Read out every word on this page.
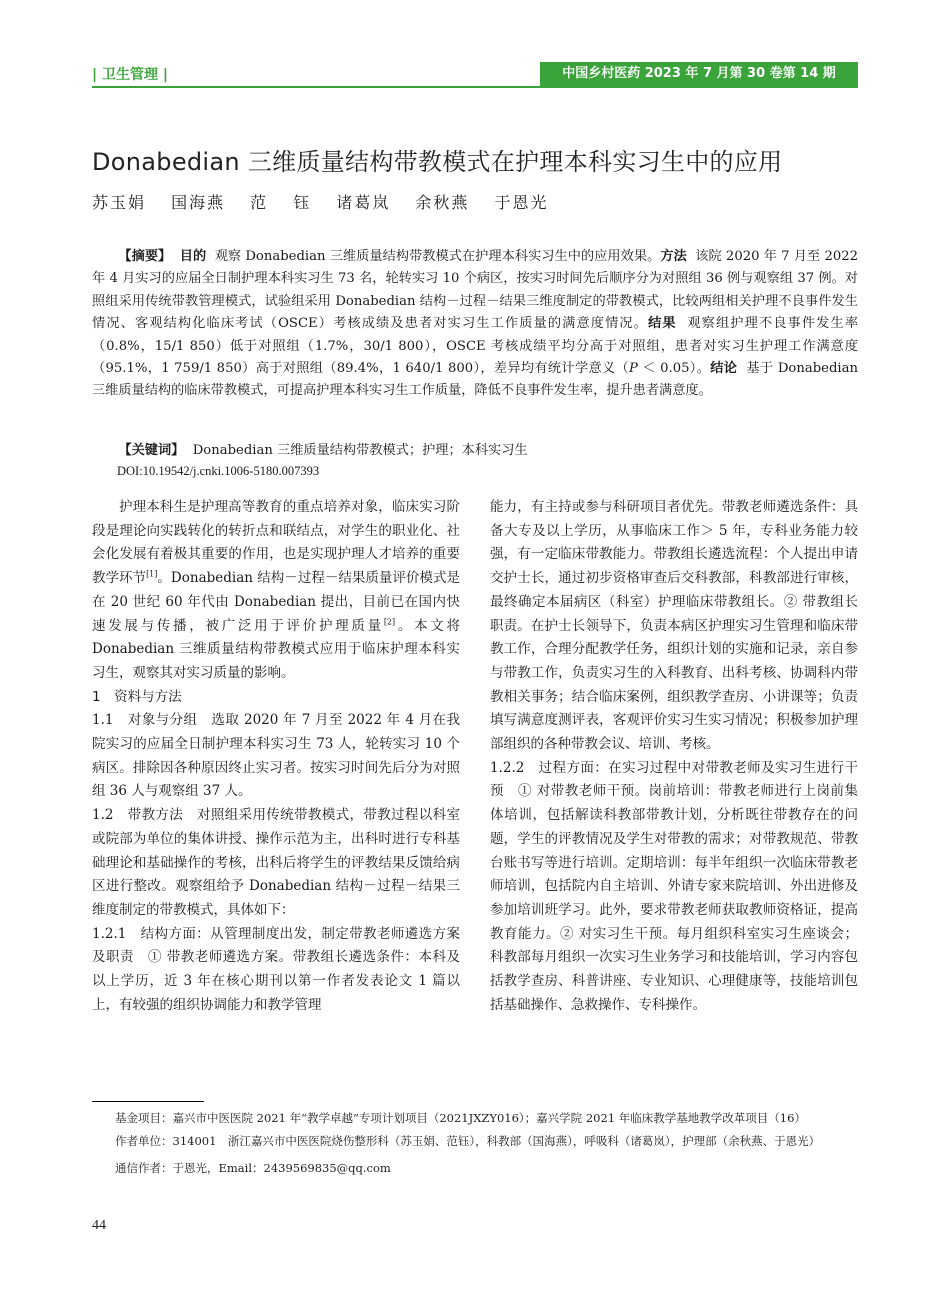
| 卫生管理 |	中国乡村医药 2023 年 7 月第 30 卷第 14 期
Donabedian 三维质量结构带教模式在护理本科实习生中的应用
苏玉娟 国海燕 范 钰 诸葛岚 余秋燕 于恩光

【摘要】 目的 观察 Donabedian 三维质量结构带教模式在护理本科实习生中的应用效果。方法 该院 2020 年 7 月至 2022 年 4 月实习的应届全日制护理本科实习生 73 名，轮转实习 10 个病区，按实习时间先后顺序分为对照组 36 例与观察组 37 例。对照组采用传统带教管理模式，试验组采用 Donabedian 结构－过程－结果三维度制定的带教模式，比较两组相关护理不良事件发生情况、客观结构化临床考试（OSCE）考核成绩及患者对实习生工作质量的满意度情况。结果 观察组护理不良事件发生率（0.8%，15/1 850）低于对照组（1.7%，30/1 800），OSCE 考核成绩平均分高于对照组，患者对实习生护理工作满意度（95.1%，1 759/1 850）高于对照组（89.4%，1 640/1 800），差异均有统计学意义（P ＜ 0.05）。结论 基于 Donabedian 三维质量结构的临床带教模式，可提高护理本科实习生工作质量，降低不良事件发生率，提升患者满意度。

【关键词】 Donabedian 三维质量结构带教模式；护理；本科实习生

DOI:10.19542/j.cnki.1006-5180.007393

护理本科生是护理高等教育的重点培养对象，临床实习阶段是理论向实践转化的转折点和联结点，对学生的职业化、社会化发展有着极其重要的作用，也是实现护理人才培养的重要教学环节[1]。Donabedian 结构－过程－结果质量评价模式是在 20 世纪 60 年代由 Donabedian 提出，目前已在国内快速发展与传播，被广泛用于评价护理质量[2]。本文将 Donabedian 三维质量结构带教模式应用于临床护理本科实习生，观察其对实习质量的影响。

1　资料与方法

1.1　对象与分组　选取 2020 年 7 月至 2022 年 4 月在我院实习的应届全日制护理本科实习生 73 人，轮转实习 10 个病区。排除因各种原因终止实习者。按实习时间先后分为对照组 36 人与观察组 37 人。

1.2　带教方法　对照组采用传统带教模式，带教过程以科室或院部为单位的集体讲授、操作示范为主，出科时进行专科基础理论和基础操作的考核，出科后将学生的评教结果反馈给病区进行整改。观察组给予 Donabedian 结构－过程－结果三维度制定的带教模式，具体如下：

1.2.1　结构方面：从管理制度出发，制定带教老师遴选方案及职责　① 带教老师遴选方案。带教组长遴选条件：本科及以上学历，近 3 年在核心期刊以第一作者发表论文 1 篇以上，有较强的组织协调能力和教学管理

能力，有主持或参与科研项目者优先。带教老师遴选条件：具备大专及以上学历，从事临床工作＞ 5 年，专科业务能力较强，有一定临床带教能力。带教组长遴选流程：个人提出申请交护士长，通过初步资格审查后交科教部，科教部进行审核，最终确定本届病区（科室）护理临床带教组长。② 带教组长职责。在护士长领导下，负责本病区护理实习生管理和临床带教工作，合理分配教学任务，组织计划的实施和记录，亲自参与带教工作，负责实习生的入科教育、出科考核、协调科内带教相关事务；结合临床案例，组织教学查房、小讲课等；负责填写满意度测评表，客观评价实习生实习情况；积极参加护理部组织的各种带教会议、培训、考核。

1.2.2　过程方面：在实习过程中对带教老师及实习生进行干预　① 对带教老师干预。岗前培训：带教老师进行上岗前集体培训，包括解读科教部带教计划，分析既往带教存在的问题，学生的评教情况及学生对带教的需求；对带教规范、带教台账书写等进行培训。定期培训：每半年组织一次临床带教老师培训，包括院内自主培训、外请专家来院培训、外出进修及参加培训班学习。此外，要求带教老师获取教师资格证，提高教育能力。② 对实习生干预。每月组织科室实习生座谈会；科教部每月组织一次实习生业务学习和技能培训，学习内容包括教学查房、科普讲座、专业知识、心理健康等，技能培训包括基础操作、急救操作、专科操作。

基金项目：嘉兴市中医医院 2021 年“教学卓越”专项计划项目（2021JXZY016）；嘉兴学院 2021 年临床教学基地教学改革项目（16）

作者单位：314001　浙江嘉兴市中医医院烧伤整形科（苏玉娟、范钰），科教部（国海燕），呼吸科（诸葛岚），护理部（余秋燕、于恩光）

通信作者：于恩光，Email：2439569835@qq.com

44
